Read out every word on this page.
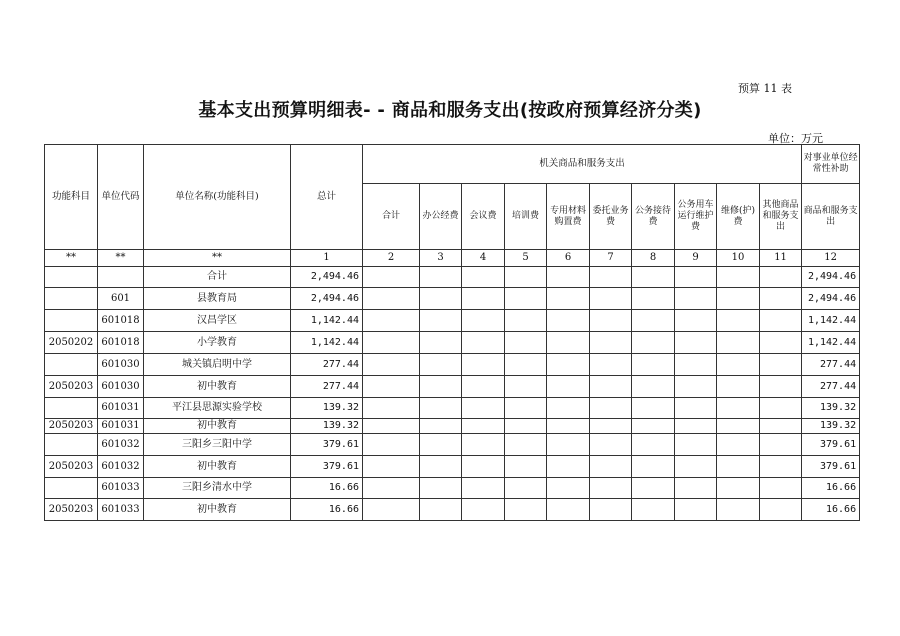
预算 11 表
基本支出预算明细表- - 商品和服务支出(按政府预算经济分类)
单位：万元
功能科目	单位代码	单位名称(功能科目)	总计	机关商品和服务支出										对事业单位经常性补助
				合计	办公经费	会议费	培训费	专用材料购置费	委托业务费	公务接待费	公务用车运行维护费	维修(护)费	其他商品和服务支出	商品和服务支出
**	**	**	1	2	3	4	5	6	7	8	9	10	11	12
		合计	2,494.46											2,494.46
	601	县教育局	2,494.46											2,494.46
	601018	汉昌学区	1,142.44											1,142.44
2050202	601018	小学教育	1,142.44											1,142.44
	601030	城关镇启明中学	277.44											277.44
2050203	601030	初中教育	277.44											277.44
	601031	平江县思源实验学校	139.32											139.32
2050203	601031	初中教育	139.32											139.32
	601032	三阳乡三阳中学	379.61											379.61
2050203	601032	初中教育	379.61											379.61
	601033	三阳乡清水中学	16.66											16.66
2050203	601033	初中教育	16.66											16.66
